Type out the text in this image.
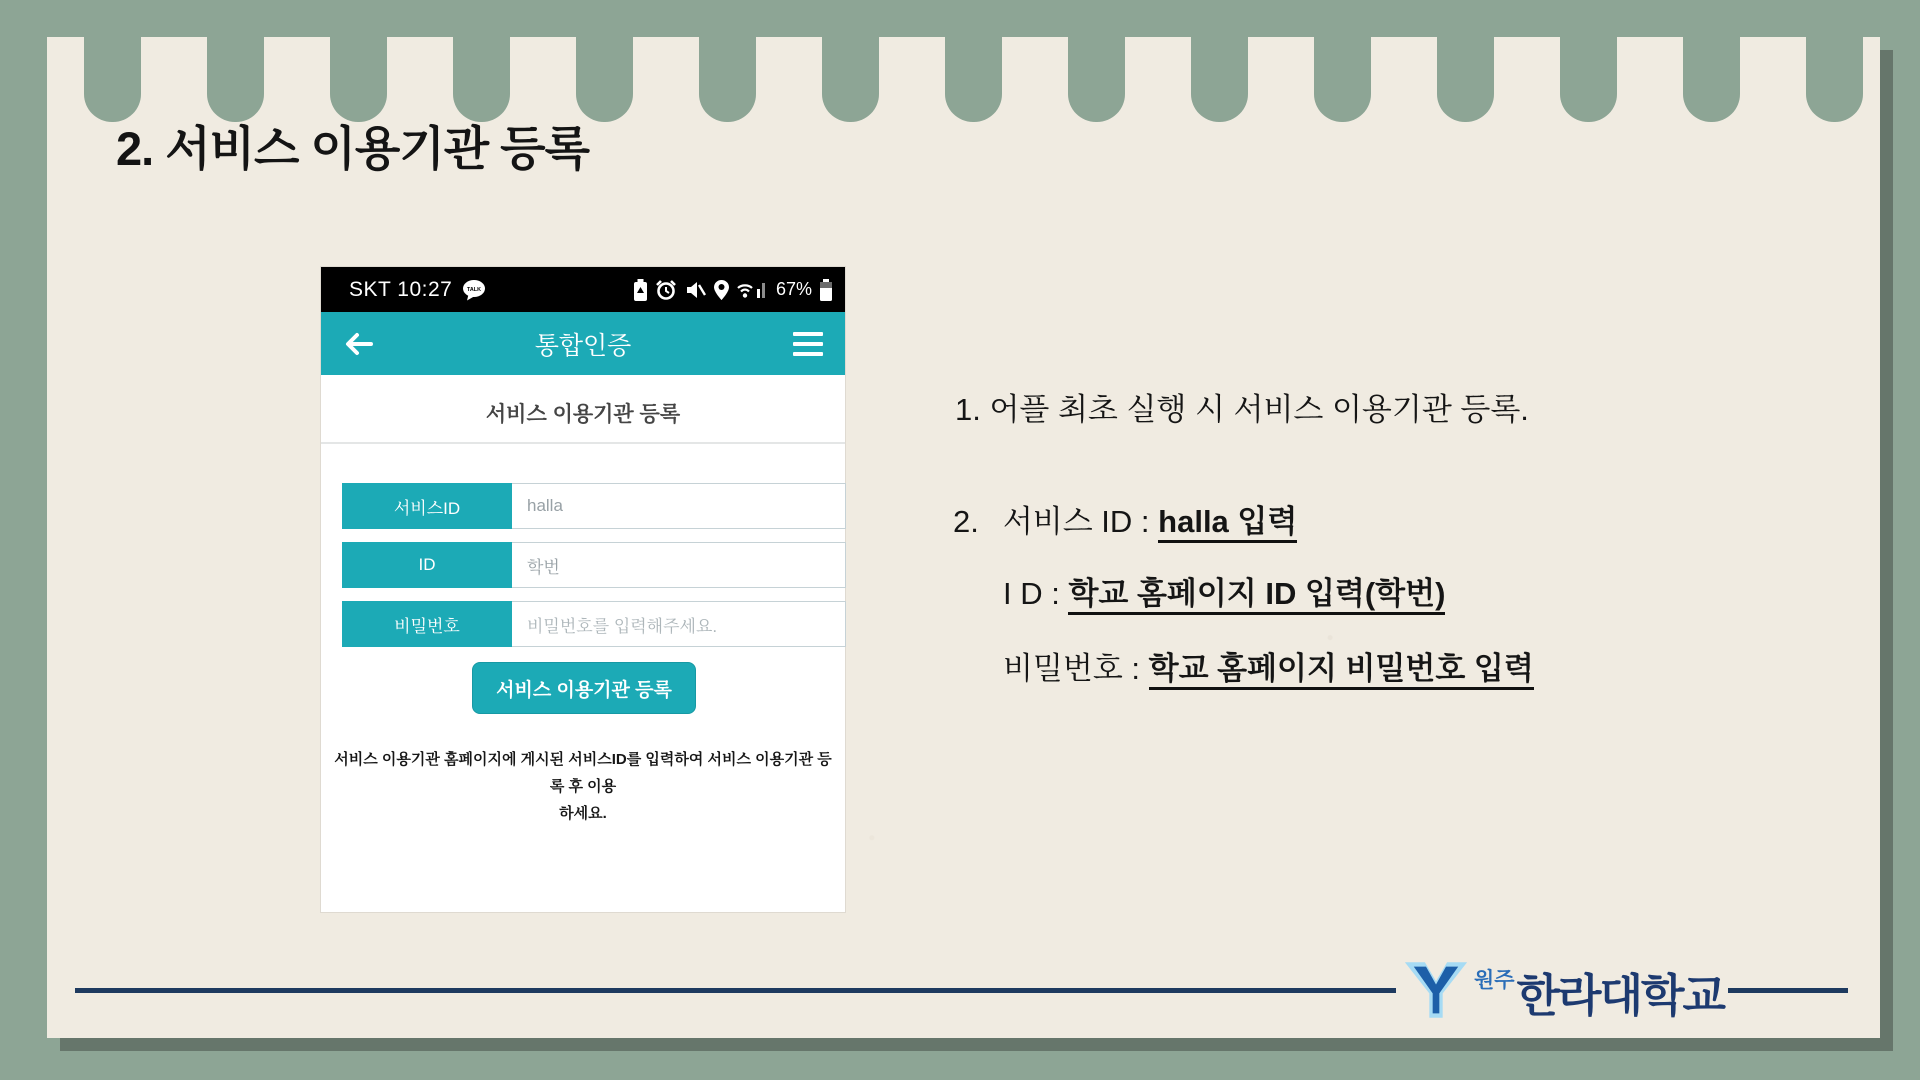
2. 서비스 이용기관 등록
SKT 10:27	TALK	67%
통합인증
서비스 이용기관 등록
서비스ID	halla
ID	학번
비밀번호	비밀번호를 입력해주세요.
서비스 이용기관 등록
서비스 이용기관 홈페이지에 게시된 서비스ID를 입력하여 서비스 이용기관 등록 후 이용
하세요.
1. 어플 최초 실행 시 서비스 이용기관 등록.
2. 서비스 ID : halla 입력
I D : 학교 홈페이지 ID 입력(학번)
비밀번호 : 학교 홈페이지 비밀번호 입력
원주 한라대학교
